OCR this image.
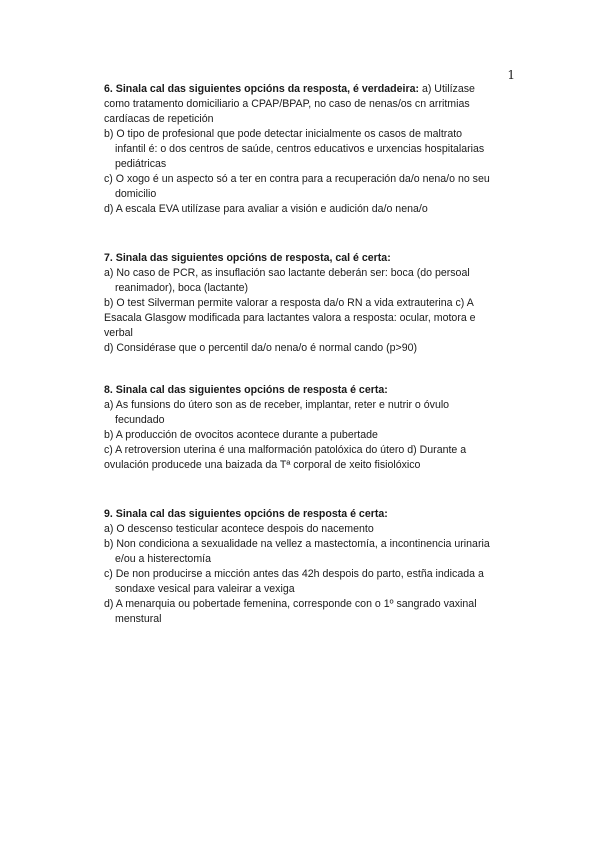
1
6. Sinala cal das siguientes opcións da resposta, é verdadeira: a) Utilízase
como tratamento domiciliario a CPAP/BPAP, no caso de nenas/os cn arritmias
cardíacas de repetición
b) O tipo de profesional que pode detectar inicialmente os casos de maltrato
infantil é: o dos centros de saúde, centros educativos e urxencias hospitalarias
pediátricas
c) O xogo é un aspecto só a ter en contra para a recuperación da/o nena/o no seu
domicilio
d) A escala EVA utilízase para avaliar a visión e audición da/o nena/o
7. Sinala das siguientes opcións de resposta, cal é certa:
a) No caso de PCR, as insuflación sao lactante deberán ser: boca (do persoal
reanimador), boca (lactante)
b) O test Silverman permite valorar a resposta da/o RN a vida extrauterina c) A
Esacala Glasgow modificada para lactantes valora a resposta: ocular, motora e
verbal
d) Considérase que o percentil da/o nena/o é normal cando (p>90)
8. Sinala cal das siguientes opcións de resposta é certa:
a) As funsions do útero son as de receber, implantar, reter e nutrir o óvulo
fecundado
b) A producción de ovocitos acontece durante a pubertade
c) A retroversion uterina é una malformación patolóxica do útero d) Durante a
ovulación producede una baizada da Tª corporal de xeito fisiolóxico
9. Sinala cal das siguientes opcións de resposta é certa:
a) O descenso testicular acontece despois do nacemento
b) Non condiciona a sexualidade na vellez a mastectomía, a incontinencia urinaria
e/ou a histerectomía
c) De non producirse a micción antes das 42h despois do parto, estña indicada a
sondaxe vesical para valeirar a vexiga
d) A menarquia ou pobertade femenina, corresponde con o 1º sangrado vaxinal
menstural
